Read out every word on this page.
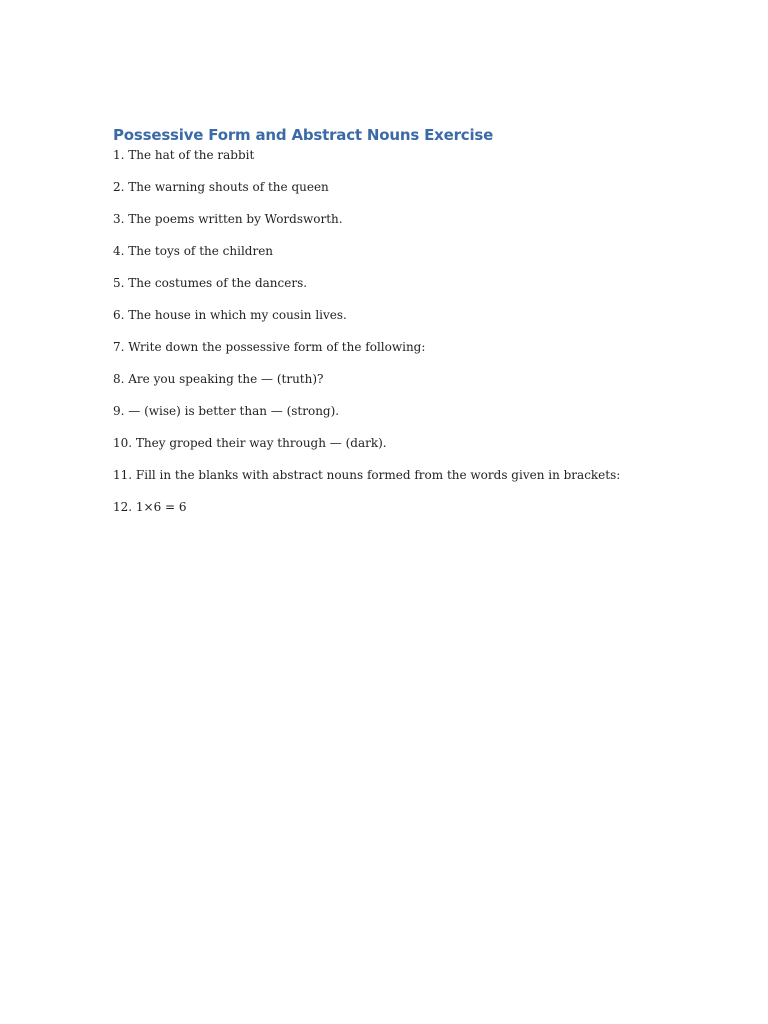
Possessive Form and Abstract Nouns Exercise
1. The hat of the rabbit
2. The warning shouts of the queen
3. The poems written by Wordsworth.
4. The toys of the children
5. The costumes of the dancers.
6. The house in which my cousin lives.
7. Write down the possessive form of the following:
8. Are you speaking the — (truth)?
9. — (wise) is better than — (strong).
10. They groped their way through — (dark).
11. Fill in the blanks with abstract nouns formed from the words given in brackets:
12. 1×6 = 6
